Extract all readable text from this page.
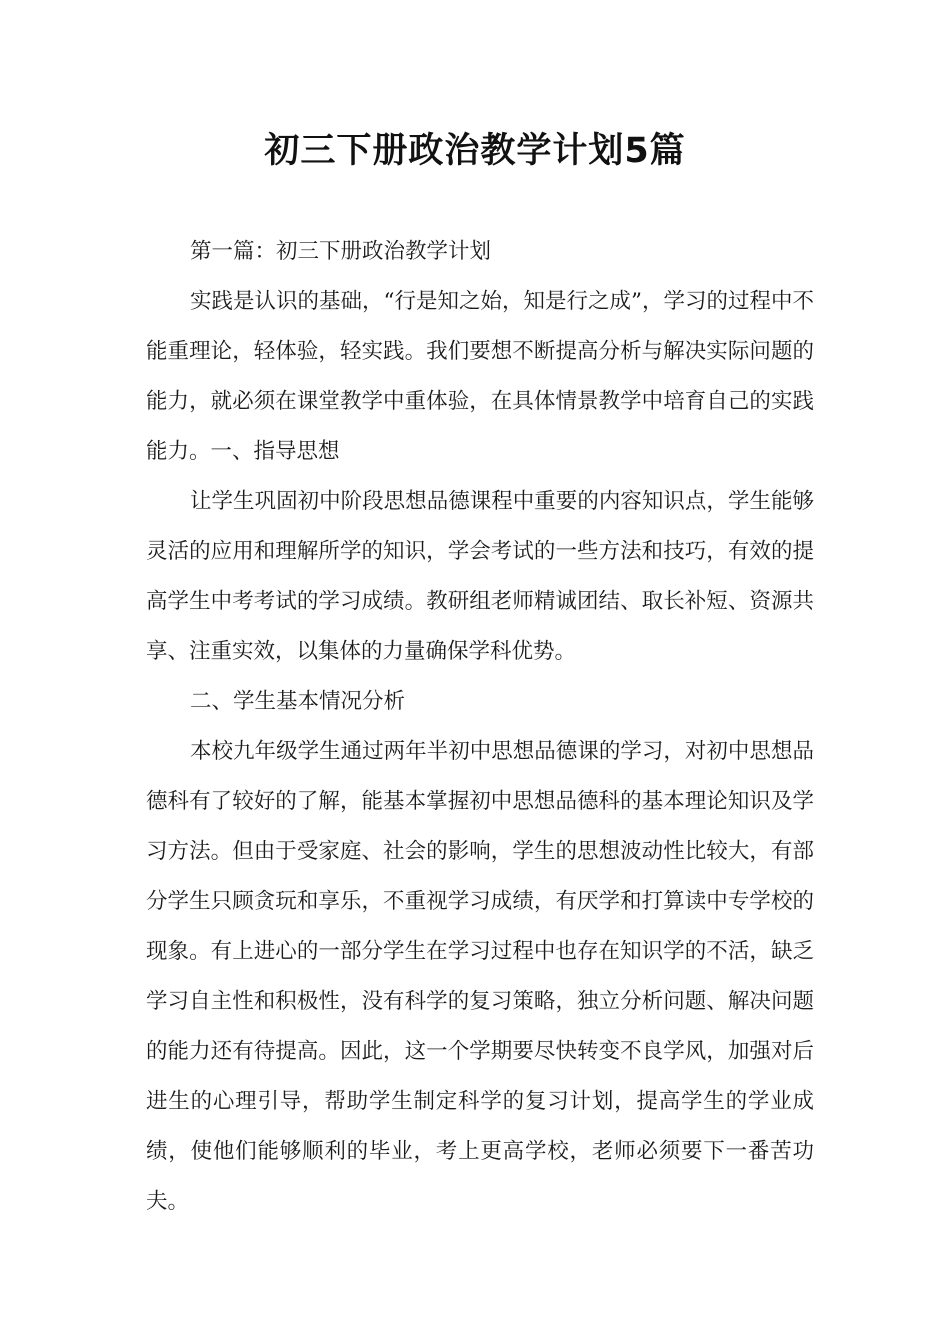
初三下册政治教学计划5篇

第一篇：初三下册政治教学计划

实践是认识的基础，“行是知之始，知是行之成”，学习的过程中不能重理论，轻体验，轻实践。我们要想不断提高分析与解决实际问题的能力，就必须在课堂教学中重体验，在具体情景教学中培育自己的实践能力。一、指导思想

让学生巩固初中阶段思想品德课程中重要的内容知识点，学生能够灵活的应用和理解所学的知识，学会考试的一些方法和技巧，有效的提高学生中考考试的学习成绩。教研组老师精诚团结、取长补短、资源共享、注重实效，以集体的力量确保学科优势。

二、学生基本情况分析

本校九年级学生通过两年半初中思想品德课的学习，对初中思想品德科有了较好的了解，能基本掌握初中思想品德科的基本理论知识及学习方法。但由于受家庭、社会的影响，学生的思想波动性比较大，有部分学生只顾贪玩和享乐，不重视学习成绩，有厌学和打算读中专学校的现象。有上进心的一部分学生在学习过程中也存在知识学的不活，缺乏学习自主性和积极性，没有科学的复习策略，独立分析问题、解决问题的能力还有待提高。因此，这一个学期要尽快转变不良学风，加强对后进生的心理引导，帮助学生制定科学的复习计划，提高学生的学业成绩，使他们能够顺利的毕业，考上更高学校，老师必须要下一番苦功夫。
